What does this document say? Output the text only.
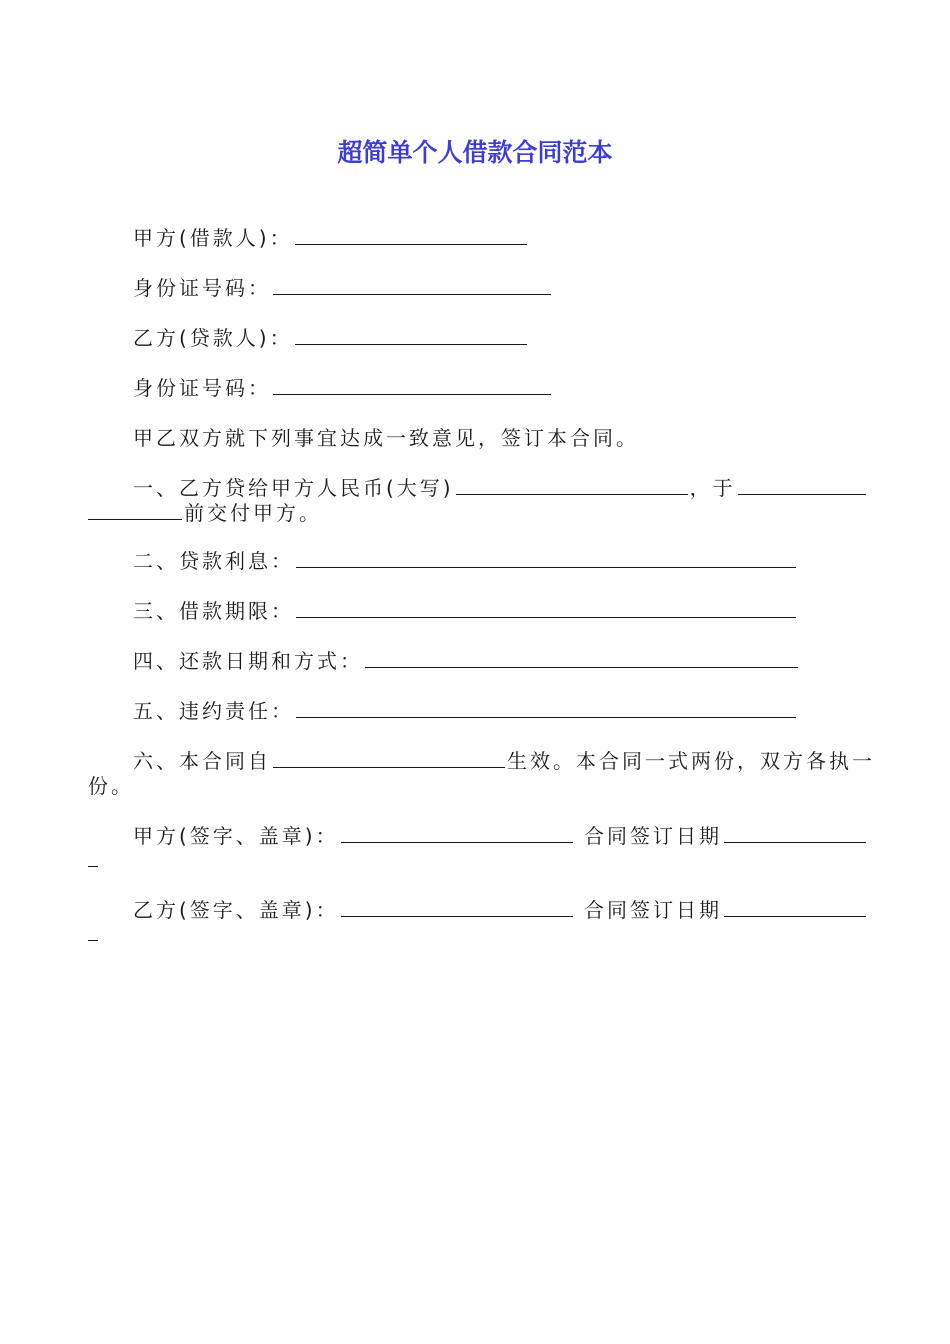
超简单个人借款合同范本
甲方(借款人)：
身份证号码：
乙方(贷款人)：
身份证号码：
甲乙双方就下列事宜达成一致意见，签订本合同。
一、乙方贷给甲方人民币(大写)	，于
前交付甲方。
二、贷款利息：
三、借款期限：
四、还款日期和方式：
五、违约责任：
六、本合同自	生效。本合同一式两份，双方各执一
份。
甲方(签字、盖章)：	合同签订日期
乙方(签字、盖章)：	合同签订日期
